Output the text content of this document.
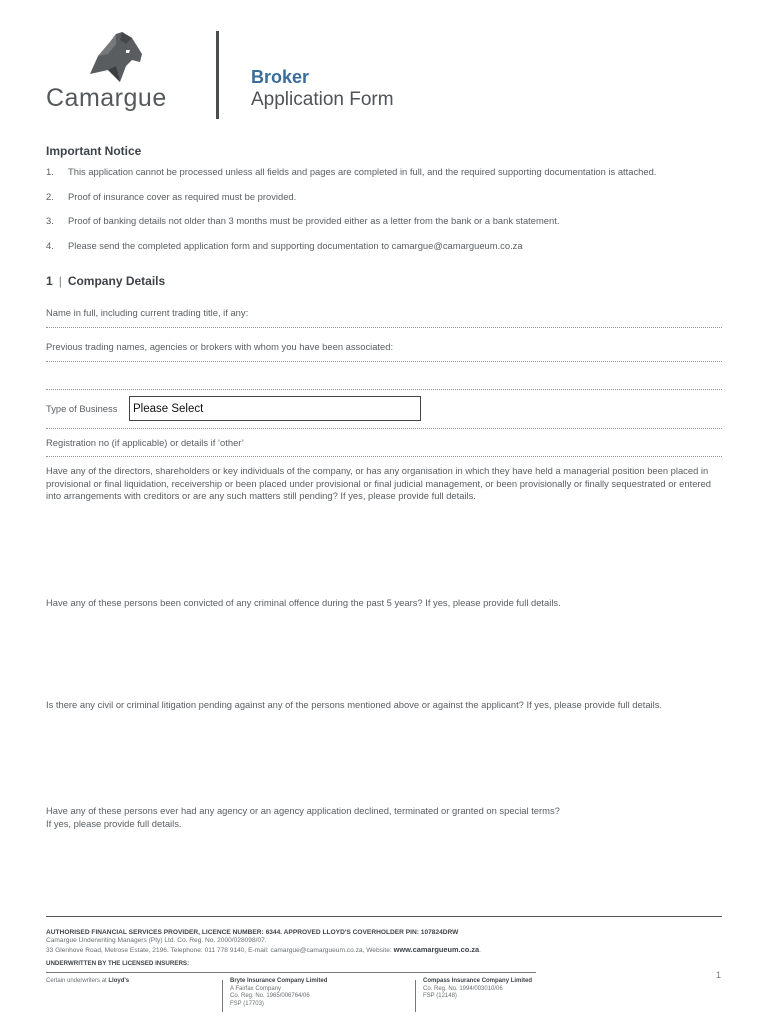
Camargue
Broker
Application Form
Important Notice
1.	This application cannot be processed unless all fields and pages are completed in full, and the required supporting documentation is attached.
2.	Proof of insurance cover as required must be provided.
3.	Proof of banking details not older than 3 months must be provided either as a letter from the bank or a bank statement.
4.	Please send the completed application form and supporting documentation to camargue@camargueum.co.za
1 | Company Details
Name in full, including current trading title, if any:
Previous trading names, agencies or brokers with whom you have been associated:
Type of Business	Please Select
Registration no (if applicable) or details if ‘other’
Have any of the directors, shareholders or key individuals of the company, or has any organisation in which they have held a managerial position been placed in provisional or final liquidation, receivership or been placed under provisional or final judicial management, or been provisionally or finally sequestrated or entered into arrangements with creditors or are any such matters still pending? If yes, please provide full details.
Have any of these persons been convicted of any criminal offence during the past 5 years? If yes, please provide full details.
Is there any civil or criminal litigation pending against any of the persons mentioned above or against the applicant? If yes, please provide full details.
Have any of these persons ever had any agency or an agency application declined, terminated or granted on special terms?
If yes, please provide full details.
AUTHORISED FINANCIAL SERVICES PROVIDER, LICENCE NUMBER: 6344. APPROVED LLOYD'S COVERHOLDER PIN: 107824DRW
Camargue Underwriting Managers (Pty) Ltd. Co. Reg. No. 2000/028098/07.
33 Glenhove Road, Melrose Estate, 2196. Telephone: 011 778 9140, E-mail: camargue@camargueum.co.za, Website: www.camargueum.co.za.
UNDERWRITTEN BY THE LICENSED INSURERS:
Certain underwriters at Lloyd's	Bryte Insurance Company Limited
A Fairfax Company
Co. Reg. No. 1965/006764/06
FSP (17703)
Compass Insurance Company Limited
Co. Reg. No. 1994/003010/06
FSP (12148)
1
